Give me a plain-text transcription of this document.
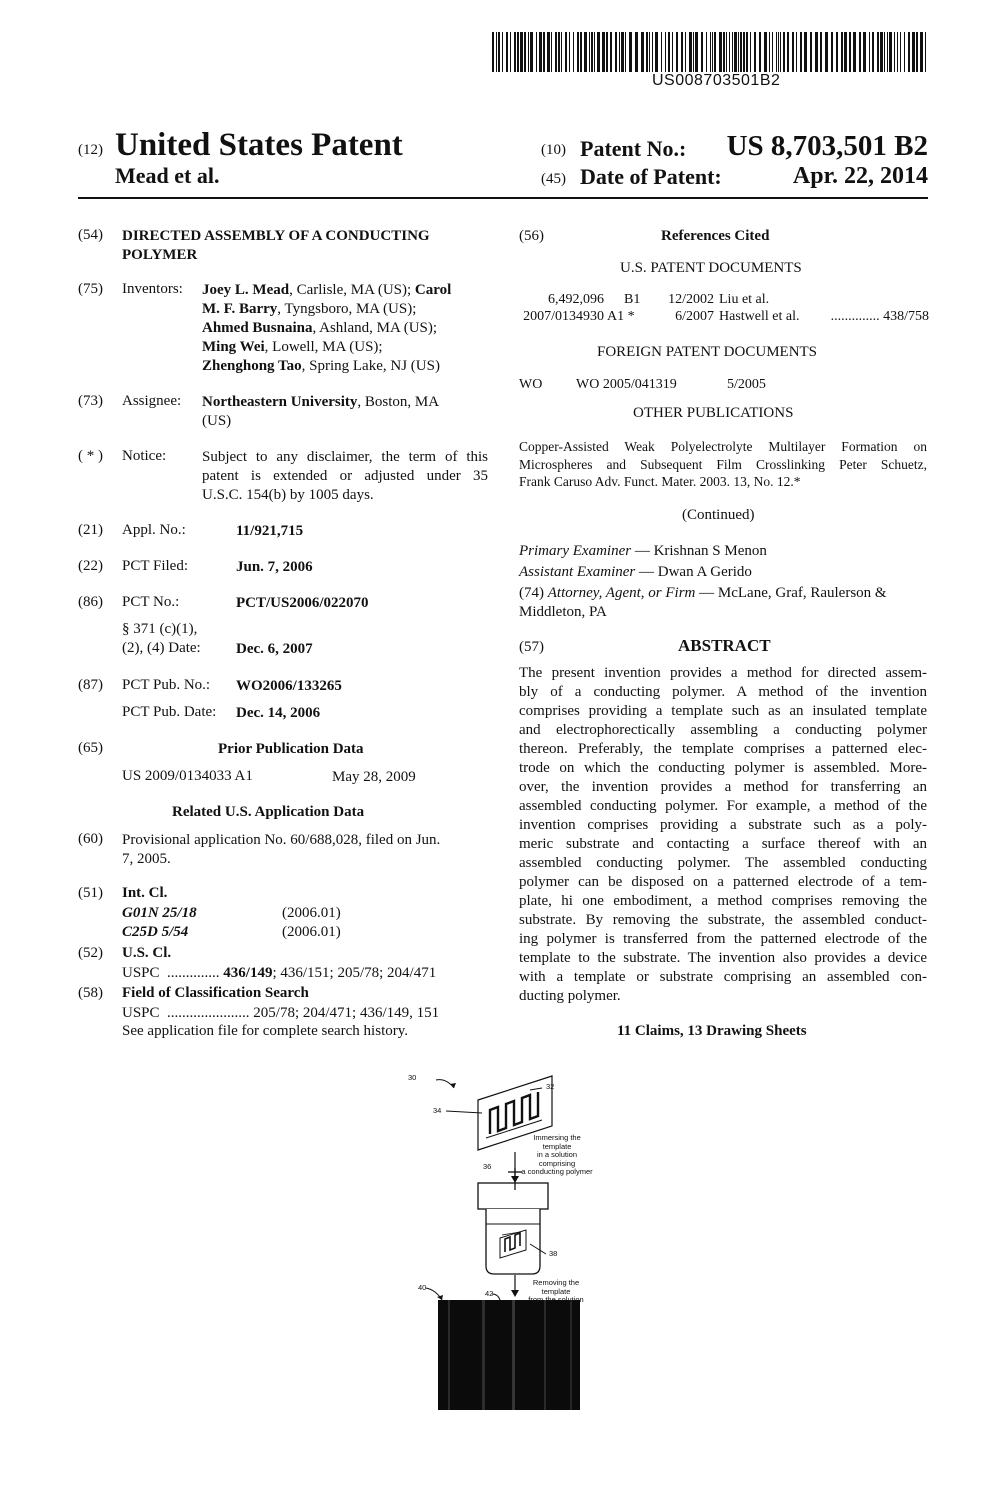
US008703501B2
(12) United States Patent
Mead et al.
(10) Patent No.: US 8,703,501 B2
(45) Date of Patent:	Apr. 22, 2014
(54) DIRECTED ASSEMBLY OF A CONDUCTING
POLYMER
(75) Inventors: Joey L. Mead, Carlisle, MA (US); Carol
M. F. Barry, Tyngsboro, MA (US);
Ahmed Busnaina, Ashland, MA (US);
Ming Wei, Lowell, MA (US);
Zhenghong Tao, Spring Lake, NJ (US)
(73) Assignee: Northeastern University, Boston, MA
(US)
( * ) Notice: Subject to any disclaimer, the term of this
patent is extended or adjusted under 35
U.S.C. 154(b) by 1005 days.
(21) Appl. No.:	11/921,715
(22) PCT Filed:	Jun. 7, 2006
(86) PCT No.:	PCT/US2006/022070
§ 371 (c)(1),
(2), (4) Date: Dec. 6, 2007
(87) PCT Pub. No.: WO2006/133265
PCT Pub. Date: Dec. 14, 2006
(65)	Prior Publication Data
US 2009/0134033 A1	May 28, 2009
Related U.S. Application Data
(60) Provisional application No. 60/688,028, filed on Jun.
7, 2005.
(51) Int. Cl.
G01N 25/18	(2006.01)
C25D 5/54	(2006.01)
(52) U.S. Cl.
USPC .............. 436/149; 436/151; 205/78; 204/471
(58) Field of Classification Search
USPC ...................... 205/78; 204/471; 436/149, 151
See application file for complete search history.
(56)	References Cited
U.S. PATENT DOCUMENTS
6,492,096 B1 12/2002 Liu et al.
2007/0134930 A1 *	6/2007 Hastwell et al. .............. 438/758
FOREIGN PATENT DOCUMENTS
WO WO 2005/041319	5/2005
OTHER PUBLICATIONS
Copper-Assisted Weak Polyelectrolyte Multilayer Formation on
Microspheres and Subsequent Film Crosslinking Peter Schuetz,
Frank Caruso Adv. Funct. Mater. 2003. 13, No. 12.*
(Continued)
Primary Examiner — Krishnan S Menon
Assistant Examiner — Dwan A Gerido
(74) Attorney, Agent, or Firm — McLane, Graf, Raulerson &
Middleton, PA
(57)	ABSTRACT
The present invention provides a method for directed assem-
bly of a conducting polymer. A method of the invention
comprises providing a template such as an insulated template
and electrophorectically assembling a conducting polymer
thereon. Preferably, the template comprises a patterned elec-
trode on which the conducting polymer is assembled. More-
over, the invention provides a method for transferring an
assembled conducting polymer. For example, a method of the
invention comprises providing a substrate such as a poly-
meric substrate and contacting a surface thereof with an
assembled conducting polymer. The assembled conducting
polymer can be disposed on a patterned electrode of a tem-
plate, hi one embodiment, a method comprises removing the
substrate. By removing the substrate, the assembled conduct-
ing polymer is transferred from the patterned electrode of the
template to the substrate. The invention also provides a device
with a template or substrate comprising an assembled con-
ducting polymer.
11 Claims, 13 Drawing Sheets
30
32
34
Immersing the template
in a solution comprising
a conducting polymer
36
38
Removing the template
from the solution
40
42
